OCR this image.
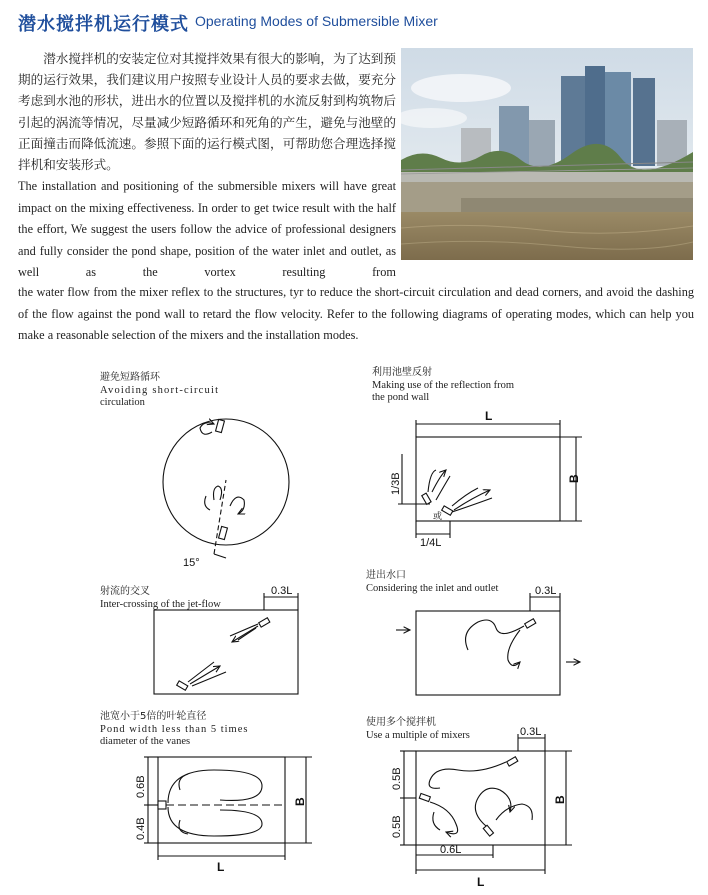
潜水搅拌机运行模式 Operating Modes of Submersible Mixer
潜水搅拌机的安装定位对其搅拌效果有很大的影响，为了达到预期的运行效果，我们建议用户按照专业设计人员的要求去做，要充分考虑到水池的形状，进出水的位置以及搅拌机的水流反射到构筑物后引起的涡流等情况，尽量减少短路循环和死角的产生，避免与池壁的正面撞击而降低流速。参照下面的运行模式图，可帮助您合理选择搅拌机和安装形式。
The installation and positioning of the submersible mixers will have great impact on the mixing effectiveness. In order to get twice result with the half the effort, We suggest the users follow the advice of professional designers and fully consider the pond shape, position of the water inlet and outlet, as well as the vortex resulting from
the water flow from the mixer reflex to the structures, tyr to reduce the short-circuit circulation and dead corners, and avoid the dashing of the flow against the pond wall to retard the flow velocity. Refer to the following diagrams of operating modes, which can help you make a reasonable selection of the mixers and the installation modes.
避免短路循环
Avoiding short-circuit
circulation
利用池壁反射
Making use of the reflection from
the pond wall
射流的交叉
Inter-crossing of the jet-flow
进出水口
Considering the inlet and outlet
池宽小于5倍的叶轮直径
Pond width less than 5 times
diameter of the vanes
使用多个搅拌机
Use a multiple of mixers
15°
L
B
1/3B
1/4L
或
0.3L	0.3L
0.6B
0.4B
B
L
0.3L
0.5B
0.5B
B
0.6L
L
